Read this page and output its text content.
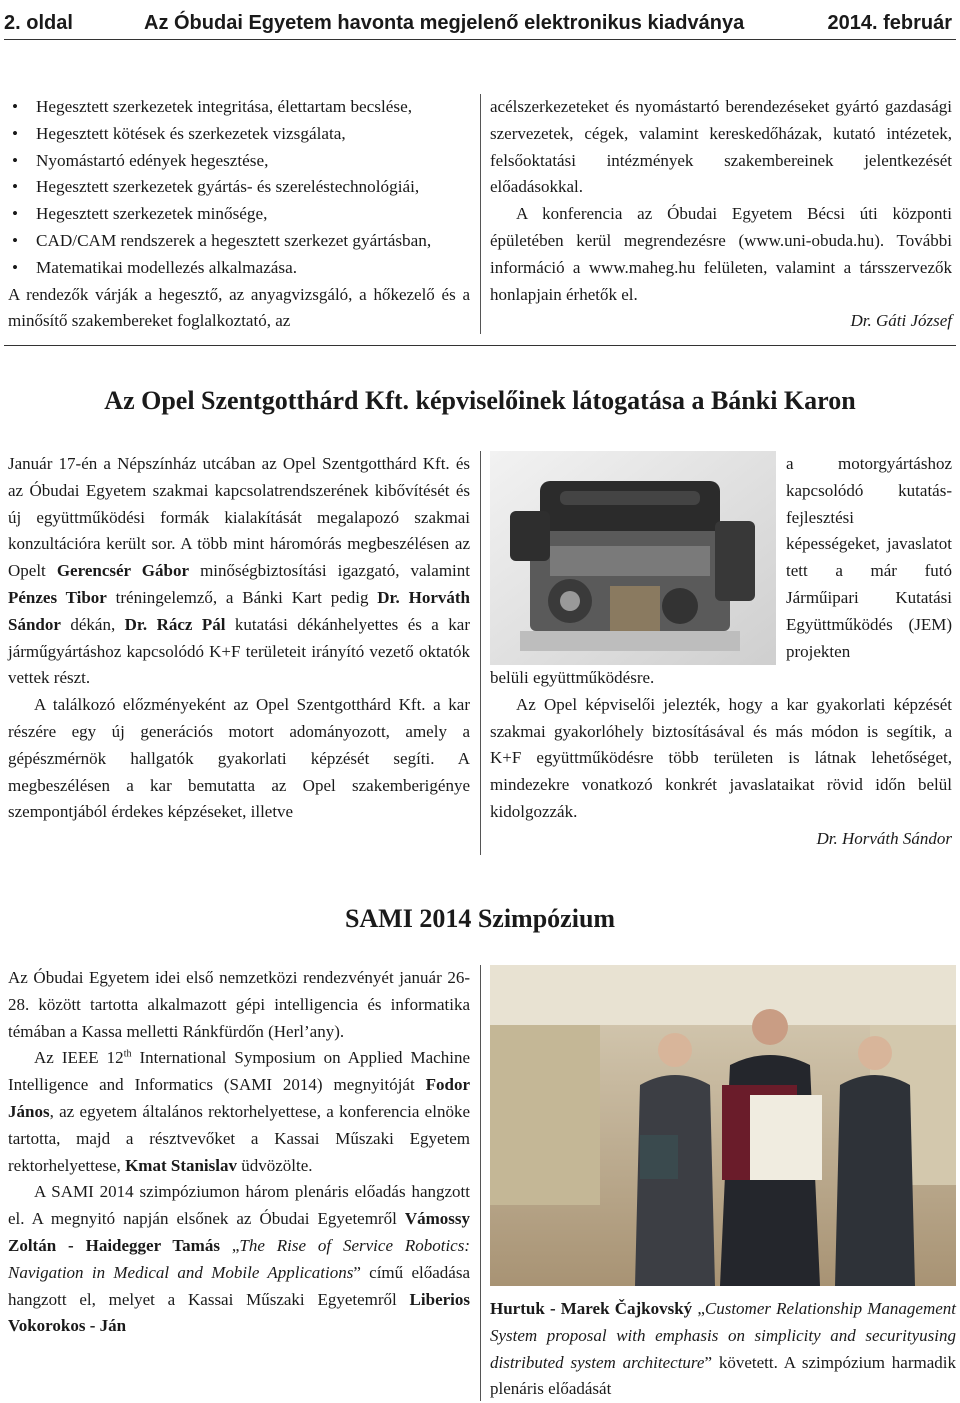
2. oldal	Az Óbudai Egyetem havonta megjelenő elektronikus kiadványa	2014. február
• Hegesztett szerkezetek integritása, élettartam becslése,
• Hegesztett kötések és szerkezetek vizsgálata,
• Nyomástartó edények hegesztése,
• Hegesztett szerkezetek gyártás- és szereléstechnológiái,
• Hegesztett szerkezetek minősége,
• CAD/CAM rendszerek a hegesztett szerkezet gyártásban,
• Matematikai modellezés alkalmazása.

A rendezők várják a hegesztő, az anyagvizsgáló, a hőkezelő és a minősítő szakembereket foglalkoztató, az

acélszerkezeteket és nyomástartó berendezéseket gyártó gazdasági szervezetek, cégek, valamint kereskedőházak, kutató intézetek, felsőoktatási intézmények szakembereinek jelentkezését előadásokkal.

A konferencia az Óbudai Egyetem Bécsi úti központi épületében kerül megrendezésre (www.uni-obuda.hu). További információ a www.maheg.hu felületen, valamint a társszervezők honlapjain érhetők el.

Dr. Gáti József

Az Opel Szentgotthárd Kft. képviselőinek látogatása a Bánki Karon

Január 17-én a Népszínház utcában az Opel Szentgotthárd Kft. és az Óbudai Egyetem szakmai kapcsolatrendszerének kibővítését és új együttműködési formák kialakítását megalapozó szakmai konzultációra került sor. A több mint háromórás megbeszélésen az Opelt Gerencsér Gábor minőségbiztosítási igazgató, valamint Pénzes Tibor tréningelemző, a Bánki Kart pedig Dr. Horváth Sándor dékán, Dr. Rácz Pál kutatási dékánhelyettes és a kar járműgyártáshoz kapcsolódó K+F területeit irányító vezető oktatók vettek részt.

A találkozó előzményeként az Opel Szentgotthárd Kft. a kar részére egy új generációs motort adományozott, amely a gépészmérnök hallgatók gyakorlati képzését segíti. A megbeszélésen a kar bemutatta az Opel szakemberigénye szempontjából érdekes képzéseket, illetve

a motorgyártáshoz kapcsolódó kutatás-fejlesztési képességeket, javaslatot tett a már futó Járműipari Kutatási Együttműködés (JEM) projekten

belüli együttműködésre.

Az Opel képviselői jelezték, hogy a kar gyakorlati képzését szakmai gyakorlóhely biztosításával és más módon is segítik, a K+F együttműködésre több területen is látnak lehetőséget, mindezekre vonatkozó konkrét javaslataikat rövid időn belül kidolgozzák.

Dr. Horváth Sándor

SAMI 2014 Szimpózium

Az Óbudai Egyetem idei első nemzetközi rendezvényét január 26-28. között tartotta alkalmazott gépi intelligencia és informatika témában a Kassa melletti Ránkfürdőn (Herl’any).

Az IEEE 12th International Symposium on Applied Machine Intelligence and Informatics (SAMI 2014) megnyitóját Fodor János, az egyetem általános rektorhelyettese, a konferencia elnöke tartotta, majd a résztvevőket a Kassai Műszaki Egyetem rektorhelyettese, Kmat Stanislav üdvözölte.

A SAMI 2014 szimpóziumon három plenáris előadás hangzott el. A megnyitó napján elsőnek az Óbudai Egyetemről Vámossy Zoltán - Haidegger Tamás „The Rise of Service Robotics: Navigation in Medical and Mobile Applications” című előadása hangzott el, melyet a Kassai Műszaki Egyetemről Liberios Vokorokos - Ján

Hurtuk - Marek Čajkovský „Customer Relationship Management System proposal with emphasis on simplicity and securityusing distributed system architecture” követett. A szimpózium harmadik plenáris előadását
